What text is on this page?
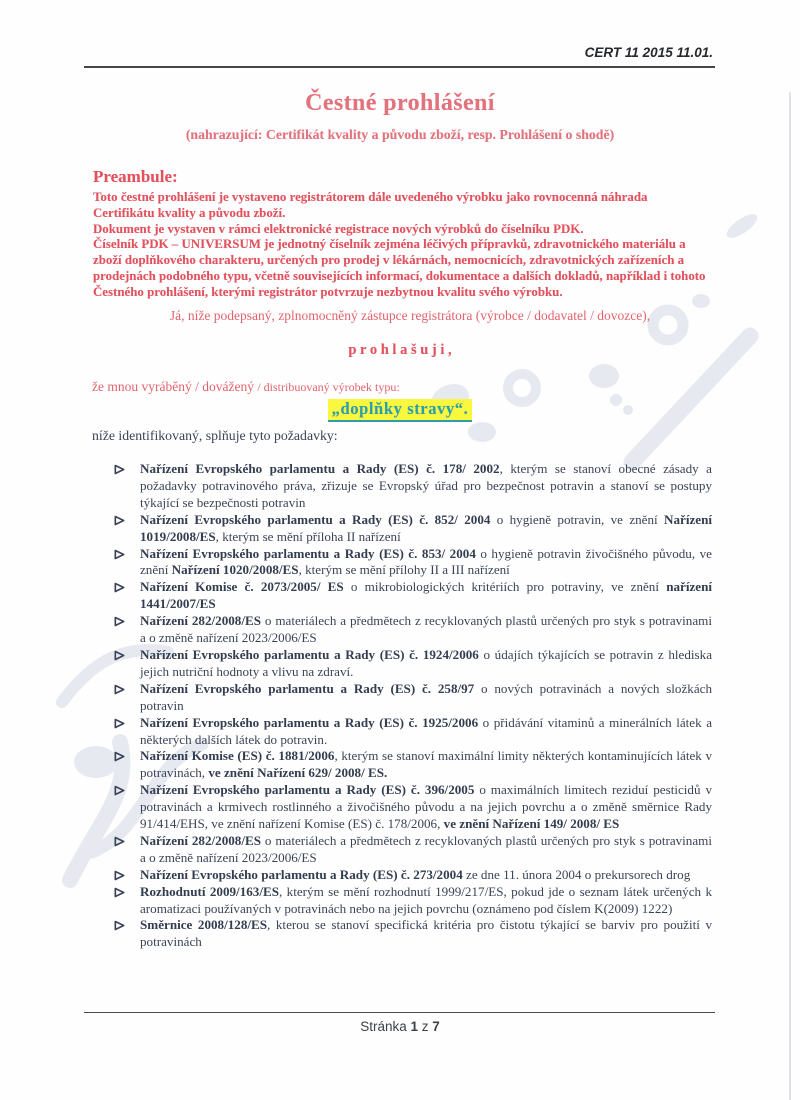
CERT 11 2015 11.01.
Čestné prohlášení
(nahrazující: Certifikát kvality a původu zboží, resp. Prohlášení o shodě)
Preambule:
Toto čestné prohlášení je vystaveno registrátorem dále uvedeného výrobku jako rovnocenná náhrada Certifikátu kvality a původu zboží.
Dokument je vystaven v rámci elektronické registrace nových výrobků do číselníku PDK.
Číselník PDK – UNIVERSUM je jednotný číselník zejména léčivých přípravků, zdravotnického materiálu a zboží doplňkového charakteru, určených pro prodej v lékárnách, nemocnicích, zdravotnických zařízeních a prodejnách podobného typu, včetně souvisejících informací, dokumentace a dalších dokladů, například i tohoto Čestného prohlášení, kterými registrátor potvrzuje nezbytnou kvalitu svého výrobku.
Já, níže podepsaný, zplnomocněný zástupce registrátora (výrobce / dodavatel / dovozce),
p r o h l a š u j i ,
že mnou vyráběný / dovážený / distribuovaný výrobek typu:
„doplňky stravy“.
níže identifikovaný, splňuje tyto požadavky:
Nařízení Evropského parlamentu a Rady (ES) č. 178/ 2002, kterým se stanoví obecné zásady a požadavky potravinového práva, zřizuje se Evropský úřad pro bezpečnost potravin a stanoví se postupy týkající se bezpečnosti potravin
Nařízení Evropského parlamentu a Rady (ES) č. 852/ 2004 o hygieně potravin, ve znění Nařízení 1019/2008/ES, kterým se mění příloha II nařízení
Nařízení Evropského parlamentu a Rady (ES) č. 853/ 2004 o hygieně potravin živočišného původu, ve znění Nařízení 1020/2008/ES, kterým se mění přílohy II a III nařízení
Nařízení Komise č. 2073/2005/ ES o mikrobiologických kritériích pro potraviny, ve znění nařízení 1441/2007/ES
Nařízení 282/2008/ES o materiálech a předmětech z recyklovaných plastů určených pro styk s potravinami a o změně nařízení 2023/2006/ES
Nařízení Evropského parlamentu a Rady (ES) č. 1924/2006 o údajích týkajících se potravin z hlediska jejich nutriční hodnoty a vlivu na zdraví.
Nařízení Evropského parlamentu a Rady (ES) č. 258/97 o nových potravinách a nových složkách potravin
Nařízení Evropského parlamentu a Rady (ES) č. 1925/2006 o přidávání vitaminů a minerálních látek a některých dalších látek do potravin.
Nařízení Komise (ES) č. 1881/2006, kterým se stanoví maximální limity některých kontaminujících látek v potravinách, ve znění Nařízení 629/ 2008/ ES.
Nařízení Evropského parlamentu a Rady (ES) č. 396/2005 o maximálních limitech reziduí pesticidů v potravinách a krmivech rostlinného a živočišného původu a na jejich povrchu a o změně směrnice Rady 91/414/EHS, ve znění nařízení Komise (ES) č. 178/2006, ve znění Nařízení 149/ 2008/ ES
Nařízení 282/2008/ES o materiálech a předmětech z recyklovaných plastů určených pro styk s potravinami a o změně nařízení 2023/2006/ES
Nařízení Evropského parlamentu a Rady (ES) č. 273/2004 ze dne 11. února 2004 o prekursorech drog
Rozhodnutí 2009/163/ES, kterým se mění rozhodnutí 1999/217/ES, pokud jde o seznam látek určených k aromatizaci používaných v potravinách nebo na jejich povrchu (oznámeno pod číslem K(2009) 1222)
Směrnice 2008/128/ES, kterou se stanoví specifická kritéria pro čistotu týkající se barviv pro použití v potravinách
Stránka 1 z 7
